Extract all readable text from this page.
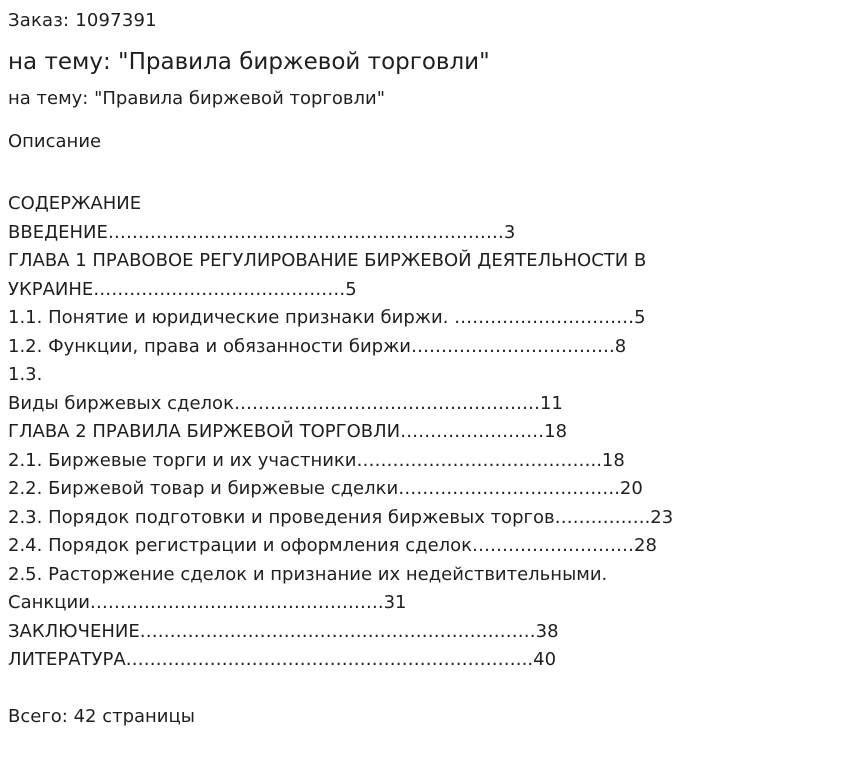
Заказ: 1097391
на тему: "Правила биржевой торговли"
на тему: "Правила биржевой торговли"
Описание
СОДЕРЖАНИЕ
ВВЕДЕНИЕ…………………………………………………………3
ГЛАВА 1 ПРАВОВОЕ РЕГУЛИРОВАНИЕ БИРЖЕВОЙ ДЕЯТЕЛЬНОСТИ В
УКРАИНЕ……………………………………5
1.1. Понятие и юридические признаки биржи. …………………………5
1.2. Функции, права и обязанности биржи…………………………….8
1.3.
Виды биржевых сделок……………………………………………11
ГЛАВА 2 ПРАВИЛА БИРЖЕВОЙ ТОРГОВЛИ……………………18
2.1. Биржевые торги и их участники…………………………………..18
2.2. Биржевой товар и биржевые сделки……………………………….20
2.3. Порядок подготовки и проведения биржевых торгов…………….23
2.4. Порядок регистрации и оформления сделок………………………28
2.5. Расторжение сделок и признание их недействительными.
Санкции………………………………………….31
ЗАКЛЮЧЕНИЕ…………………………………………………………38
ЛИТЕРАТУРА…………………………………………………………..40
Всего: 42 страницы
